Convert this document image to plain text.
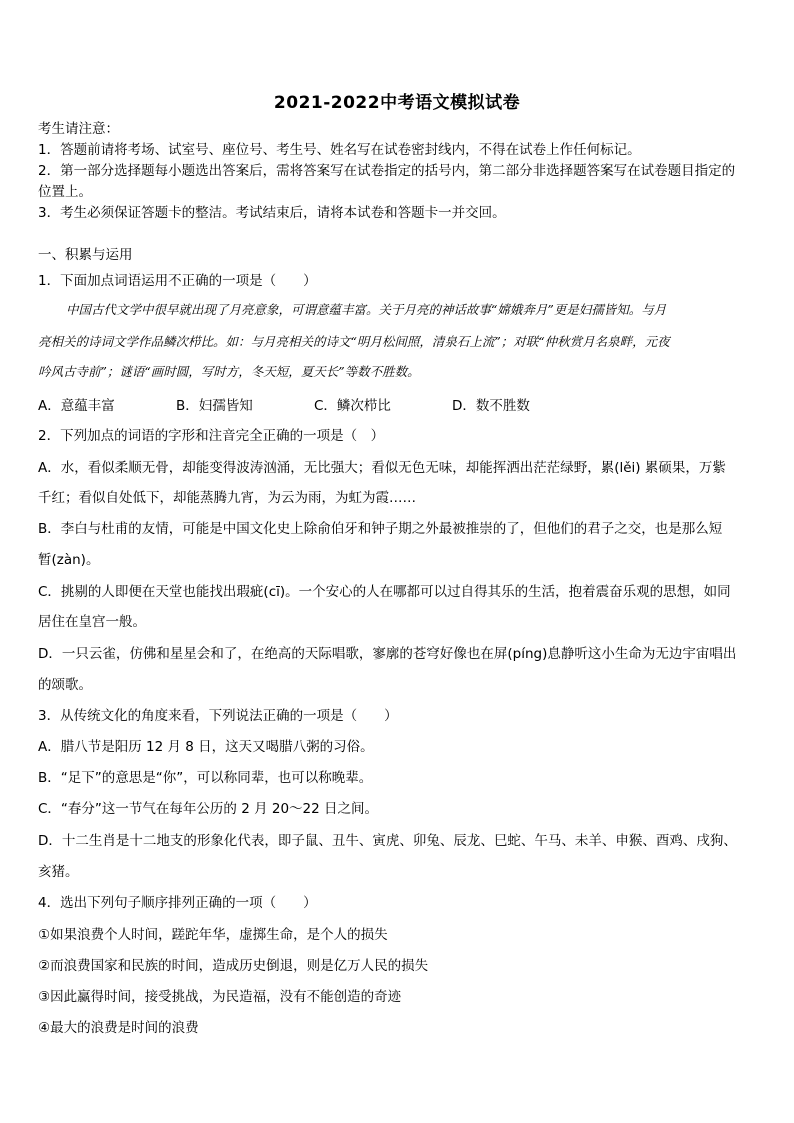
2021-2022中考语文模拟试卷
考生请注意：
1．答题前请将考场、试室号、座位号、考生号、姓名写在试卷密封线内，不得在试卷上作任何标记。
2．第一部分选择题每小题选出答案后，需将答案写在试卷指定的括号内，第二部分非选择题答案写在试卷题目指定的
位置上。
3．考生必须保证答题卡的整洁。考试结束后，请将本试卷和答题卡一并交回。
一、积累与运用
1．下面加点词语运用不正确的一项是（　　）
中国古代文学中很早就出现了月亮意象，可谓意蕴丰富。关于月亮的神话故事“嫦娥奔月”更是妇孺皆知。与月
亮相关的诗词文学作品鳞次栉比。如：与月亮相关的诗文“明月松间照，清泉石上流”；对联“仲秋赏月名泉畔，元夜
吟风古寺前”；谜语“画时圆，写时方，冬天短，夏天长”等数不胜数。
A．意蕴丰富	B．妇孺皆知	C．鳞次栉比	D．数不胜数
2．下列加点的词语的字形和注音完全正确的一项是（　）
A．水，看似柔顺无骨，却能变得波涛汹涌，无比强大；看似无色无味，却能挥洒出茫茫绿野，累(lěi) 累硕果，万紫
千红；看似自处低下，却能蒸腾九宵，为云为雨，为虹为霞……
B．李白与杜甫的友情，可能是中国文化史上除俞伯牙和钟子期之外最被推崇的了，但他们的君子之交，也是那么短
暂(zàn)。
C．挑剔的人即便在天堂也能找出瑕疵(cī)。一个安心的人在哪都可以过自得其乐的生活，抱着震奋乐观的思想，如同
居住在皇宫一般。
D．一只云雀，仿佛和星星会和了，在绝高的天际唱歌，寥廓的苍穹好像也在屏(píng)息静听这小生命为无边宇宙唱出
的颂歌。
3．从传统文化的角度来看，下列说法正确的一项是（　　）
A．腊八节是阳历 12 月 8 日，这天又喝腊八粥的习俗。
B．“足下”的意思是“你”，可以称同辈，也可以称晚辈。
C．“春分”这一节气在每年公历的 2 月 20～22 日之间。
D．十二生肖是十二地支的形象化代表，即子鼠、丑牛、寅虎、卯兔、辰龙、巳蛇、午马、未羊、申猴、酉鸡、戌狗、
亥猪。
4．选出下列句子顺序排列正确的一项（　　）
①如果浪费个人时间，蹉跎年华，虚掷生命，是个人的损失
②而浪费国家和民族的时间，造成历史倒退，则是亿万人民的损失
③因此赢得时间，接受挑战，为民造福，没有不能创造的奇迹
④最大的浪费是时间的浪费
